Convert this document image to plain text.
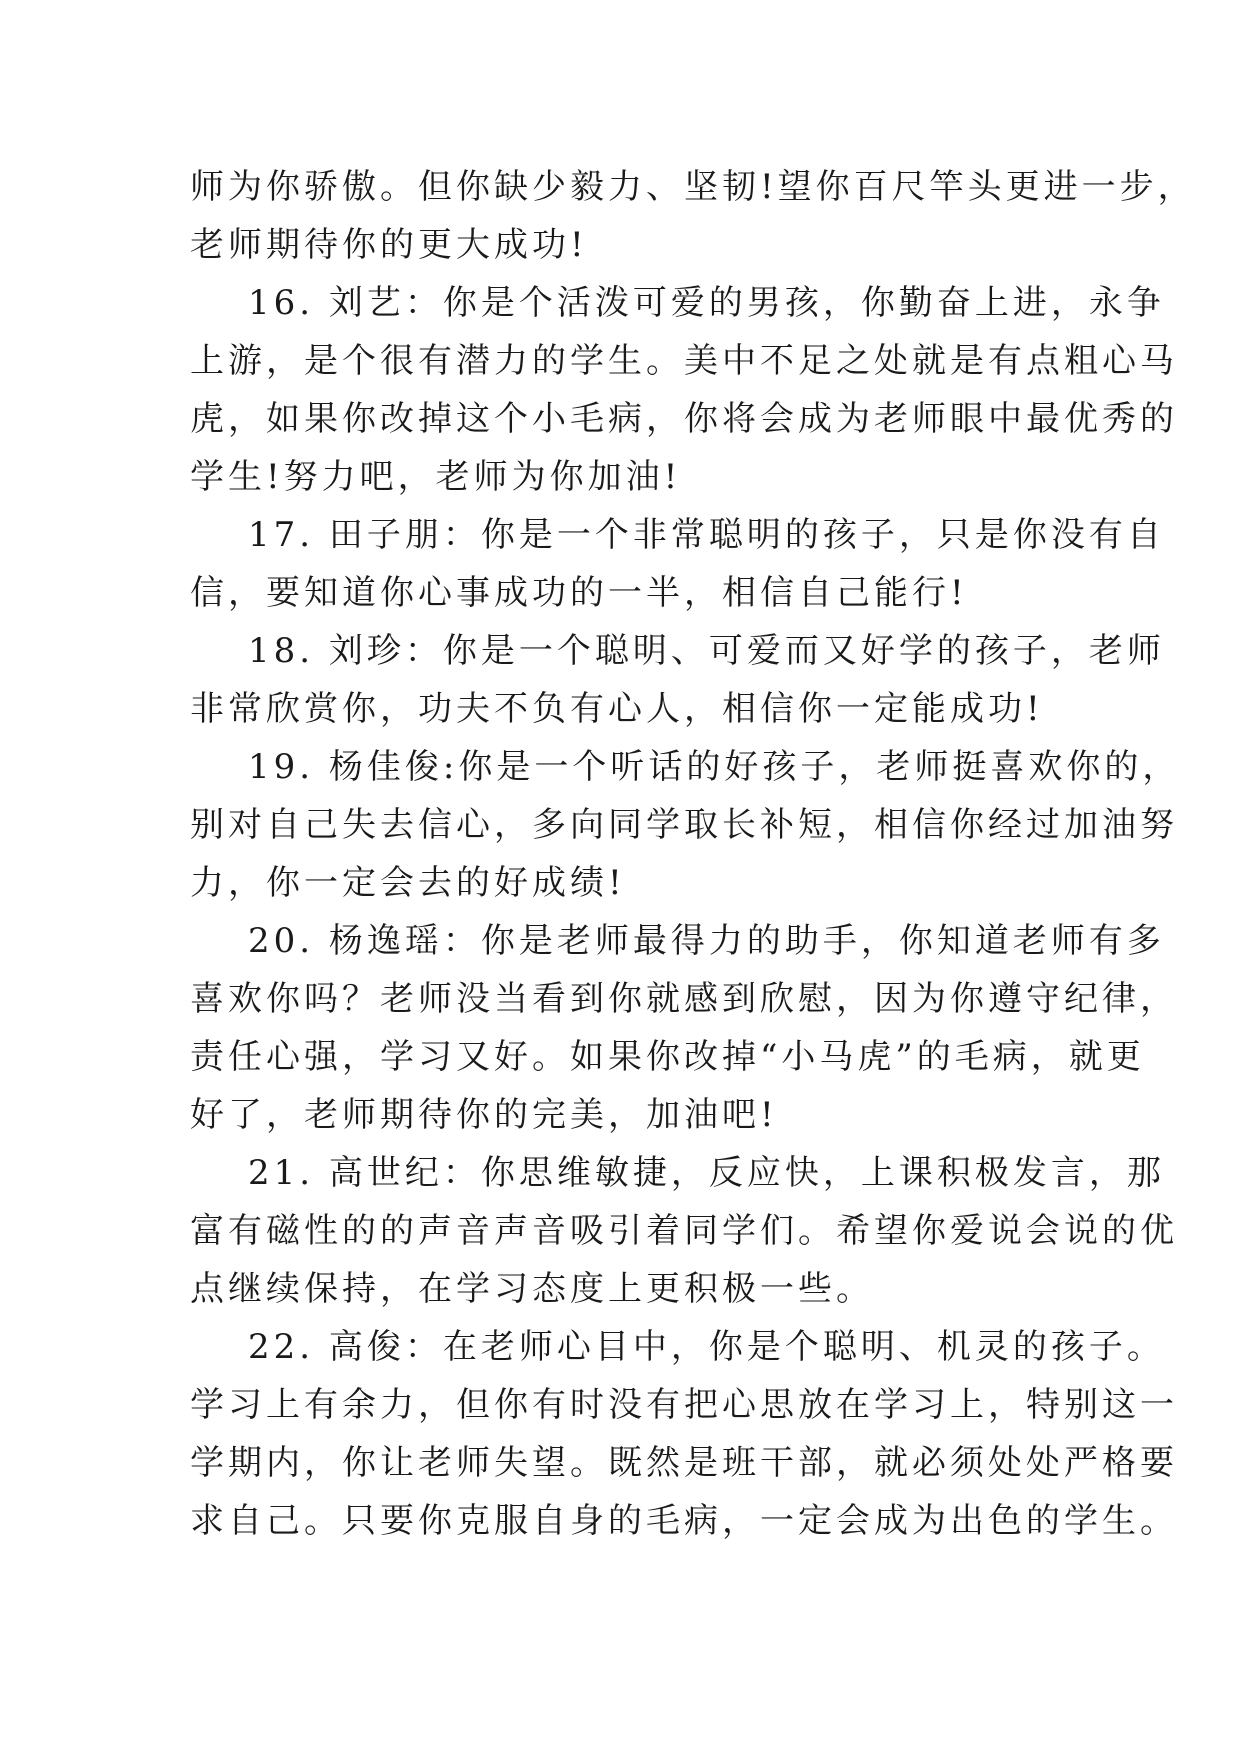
师为你骄傲。但你缺少毅力、坚韧!望你百尺竿头更进一步，
老师期待你的更大成功!
16. 刘艺：你是个活泼可爱的男孩，你勤奋上进，永争
上游，是个很有潜力的学生。美中不足之处就是有点粗心马
虎，如果你改掉这个小毛病，你将会成为老师眼中最优秀的
学生!努力吧，老师为你加油!
17. 田子朋：你是一个非常聪明的孩子，只是你没有自
信，要知道你心事成功的一半，相信自己能行!
18. 刘珍：你是一个聪明、可爱而又好学的孩子，老师
非常欣赏你，功夫不负有心人，相信你一定能成功!
19. 杨佳俊:你是一个听话的好孩子，老师挺喜欢你的，
别对自己失去信心，多向同学取长补短，相信你经过加油努
力，你一定会去的好成绩!
20. 杨逸瑶：你是老师最得力的助手，你知道老师有多
喜欢你吗？老师没当看到你就感到欣慰，因为你遵守纪律，
责任心强，学习又好。如果你改掉“小马虎”的毛病，就更
好了，老师期待你的完美，加油吧!
21. 高世纪：你思维敏捷，反应快，上课积极发言，那
富有磁性的的声音声音吸引着同学们。希望你爱说会说的优
点继续保持，在学习态度上更积极一些。
22. 高俊：在老师心目中，你是个聪明、机灵的孩子。
学习上有余力，但你有时没有把心思放在学习上，特别这一
学期内，你让老师失望。既然是班干部，就必须处处严格要
求自己。只要你克服自身的毛病，一定会成为出色的学生。
